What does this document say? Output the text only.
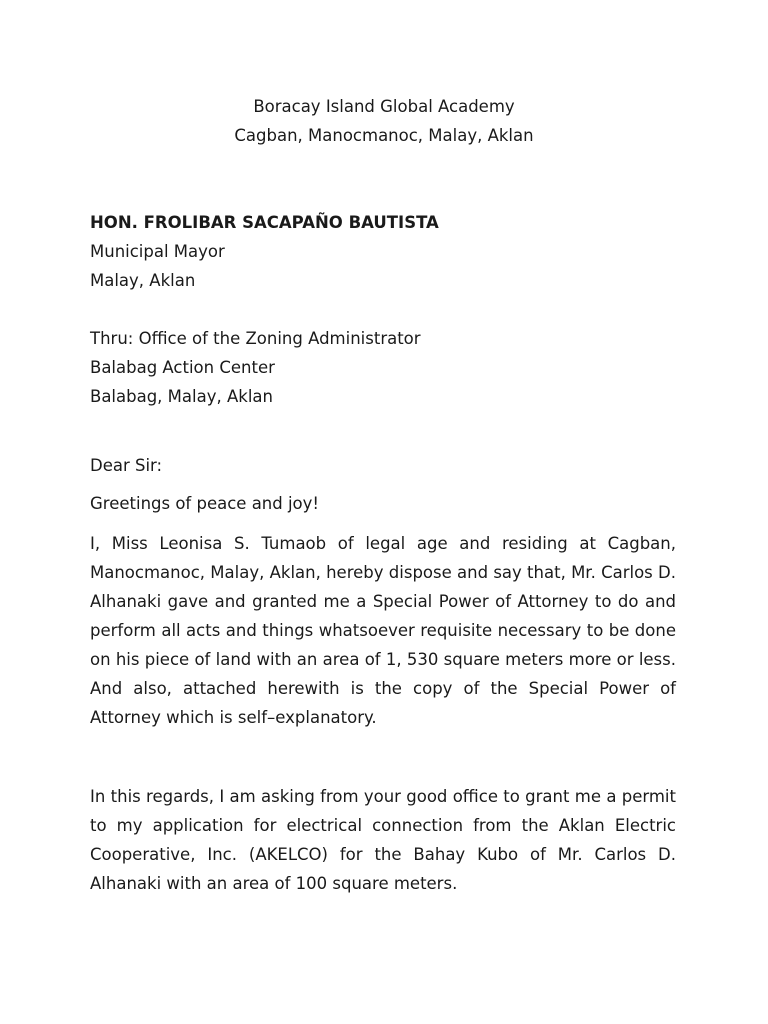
Boracay Island Global Academy
Cagban, Manocmanoc, Malay, Aklan
HON. FROLIBAR SACAPAÑO BAUTISTA
Municipal Mayor
Malay, Aklan
Thru: Office of the Zoning Administrator
Balabag Action Center
Balabag, Malay, Aklan
Dear Sir:
Greetings of peace and joy!
I, Miss Leonisa S. Tumaob of legal age and residing at Cagban, Manocmanoc, Malay, Aklan, hereby dispose and say that, Mr. Carlos D. Alhanaki gave and granted me a Special Power of Attorney to do and perform all acts and things whatsoever requisite necessary to be done on his piece of land with an area of 1, 530 square meters more or less. And also, attached herewith is the copy of the Special Power of Attorney which is self–explanatory.
In this regards, I am asking from your good office to grant me a permit to my application for electrical connection from the Aklan Electric Cooperative, Inc. (AKELCO) for the Bahay Kubo of Mr. Carlos D. Alhanaki with an area of 100 square meters.
